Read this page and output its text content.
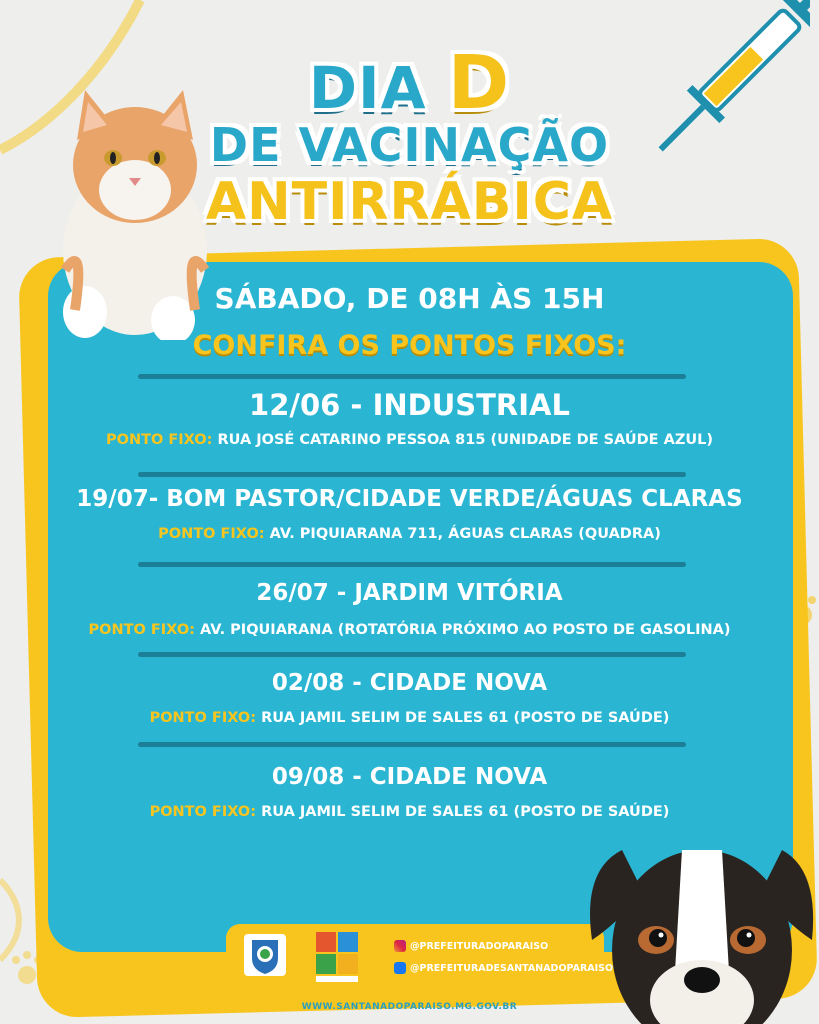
DIA D
DE VACINAÇÃO
ANTIRRÁBICA
SÁBADO, DE 08H ÀS 15H
CONFIRA OS PONTOS FIXOS:
12/06 - INDUSTRIAL
PONTO FIXO: RUA JOSÉ CATARINO PESSOA 815 (UNIDADE DE SAÚDE AZUL)
19/07- BOM PASTOR/CIDADE VERDE/ÁGUAS CLARAS
PONTO FIXO: AV. PIQUIARANA 711, ÁGUAS CLARAS (QUADRA)
26/07 - JARDIM VITÓRIA
PONTO FIXO: AV. PIQUIARANA (ROTATÓRIA PRÓXIMO AO POSTO DE GASOLINA)
02/08 - CIDADE NOVA
PONTO FIXO: RUA JAMIL SELIM DE SALES 61 (POSTO DE SAÚDE)
09/08 - CIDADE NOVA
PONTO FIXO: RUA JAMIL SELIM DE SALES 61 (POSTO DE SAÚDE)
@PREFEITURADOPARAISO
@PREFEITURADESANTANADOPARAISO
WWW.SANTANADOPARAISO.MG.GOV.BR
